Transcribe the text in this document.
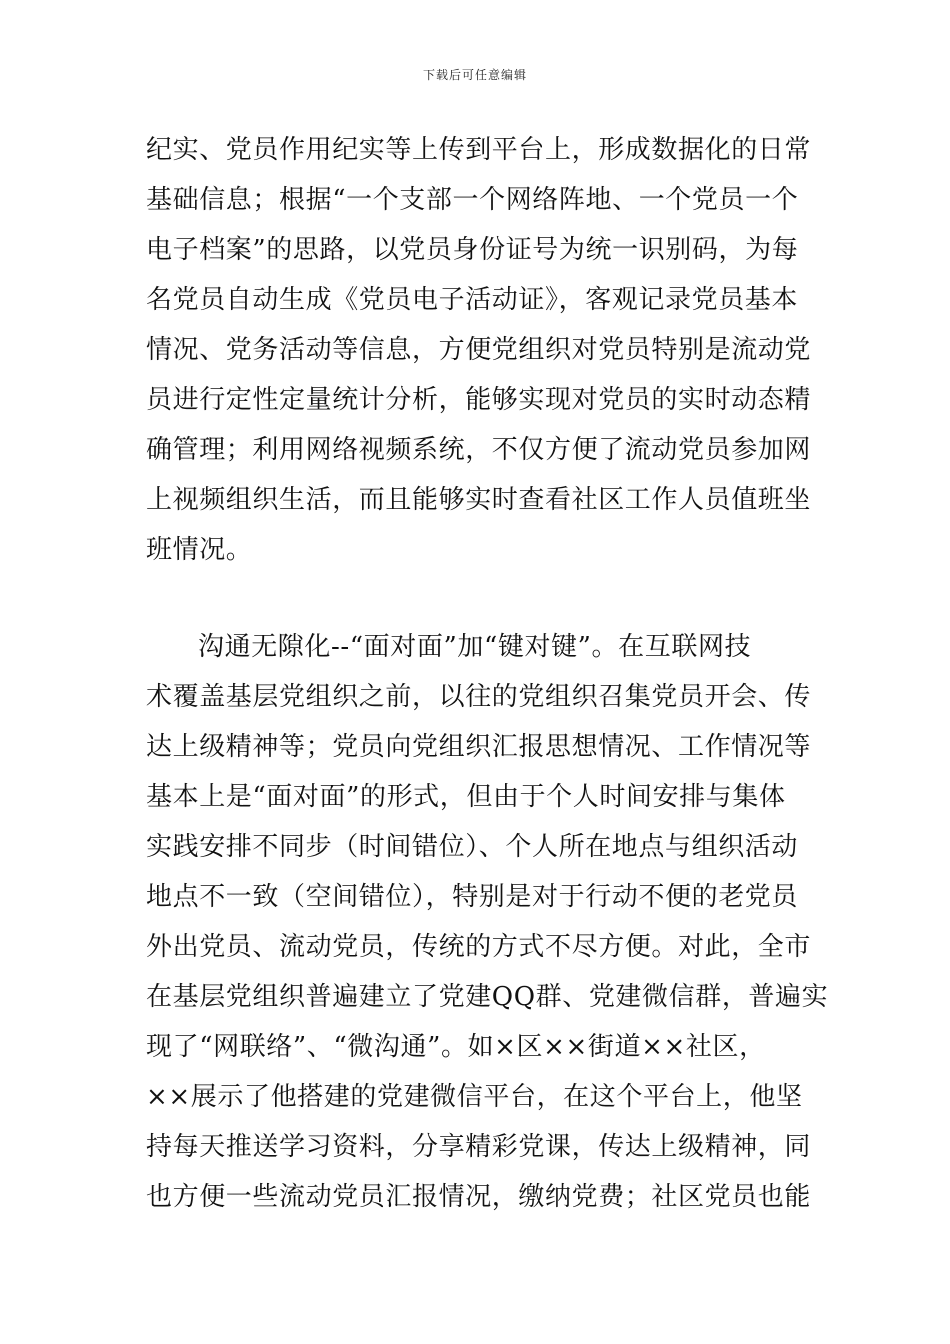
下载后可任意编辑
纪实、党员作用纪实等上传到平台上，形成数据化的日常
基础信息；根据“一个支部一个网络阵地、一个党员一个
电子档案”的思路，以党员身份证号为统一识别码，为每
名党员自动生成《党员电子活动证》，客观记录党员基本
情况、党务活动等信息，方便党组织对党员特别是流动党
员进行定性定量统计分析，能够实现对党员的实时动态精
确管理；利用网络视频系统，不仅方便了流动党员参加网
上视频组织生活，而且能够实时查看社区工作人员值班坐
班情况。
沟通无隙化--“面对面”加“键对键”。在互联网技
术覆盖基层党组织之前，以往的党组织召集党员开会、传
达上级精神等；党员向党组织汇报思想情况、工作情况等
基本上是“面对面”的形式，但由于个人时间安排与集体
实践安排不同步（时间错位）、个人所在地点与组织活动
地点不一致（空间错位），特别是对于行动不便的老党员
外出党员、流动党员，传统的方式不尽方便。对此，全市
在基层党组织普遍建立了党建QQ群、党建微信群，普遍实
现了“网联络”、“微沟通”。如×区××街道××社区，
××展示了他搭建的党建微信平台，在这个平台上，他坚
持每天推送学习资料，分享精彩党课，传达上级精神，同
也方便一些流动党员汇报情况，缴纳党费；社区党员也能
